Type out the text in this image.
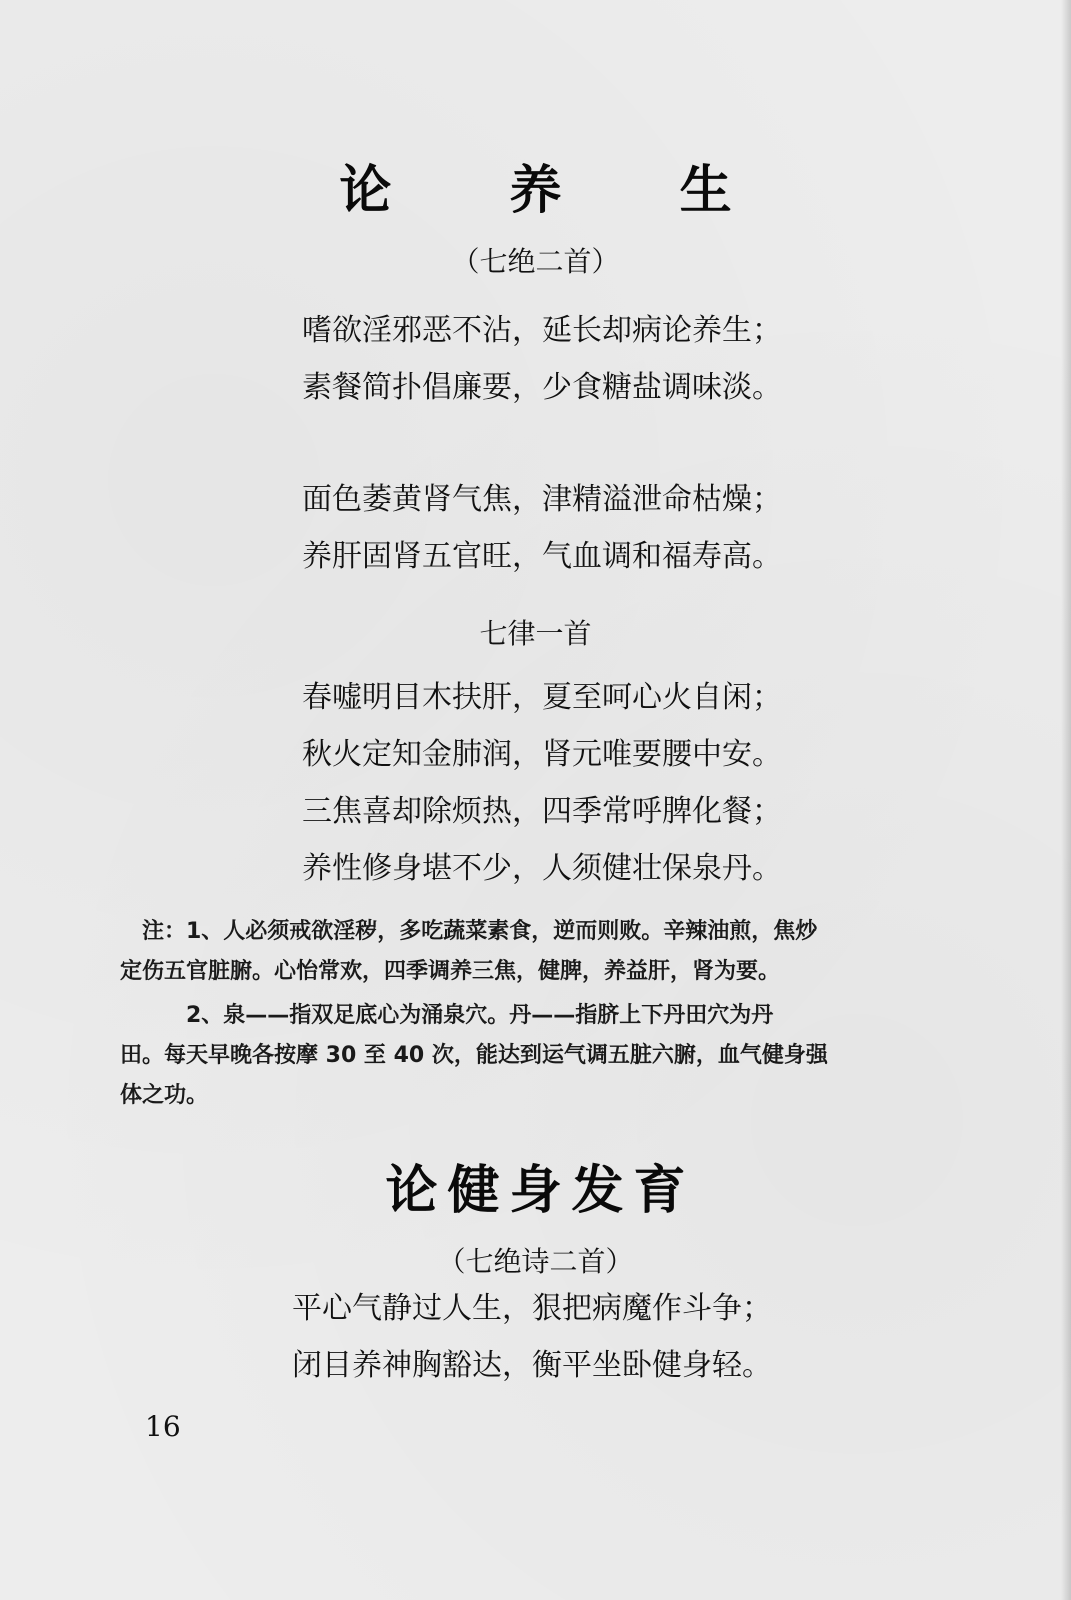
论 养 生
（七绝二首）
嗜欲淫邪恶不沾，延长却病论养生；
素餐简扑倡廉要，少食糖盐调味淡。
面色萎黄肾气焦，津精溢泄命枯燥；
养肝固肾五官旺，气血调和福寿高。
七律一首
春嘘明目木扶肝，夏至呵心火自闲；
秋火定知金肺润，肾元唯要腰中安。
三焦喜却除烦热，四季常呼脾化餐；
养性修身堪不少，人须健壮保泉丹。
　注：1、人必须戒欲淫秽，多吃蔬菜素食，逆而则败。辛辣油煎，焦炒
定伤五官脏腑。心怡常欢，四季调养三焦，健脾，养益肝，肾为要。
　　　2、泉——指双足底心为涌泉穴。丹——指脐上下丹田穴为丹
田。每天早晚各按摩 30 至 40 次，能达到运气调五脏六腑，血气健身强
体之功。
论健身发育
（七绝诗二首）
平心气静过人生，狠把病魔作斗争；
闭目养神胸豁达，衡平坐卧健身轻。
16
